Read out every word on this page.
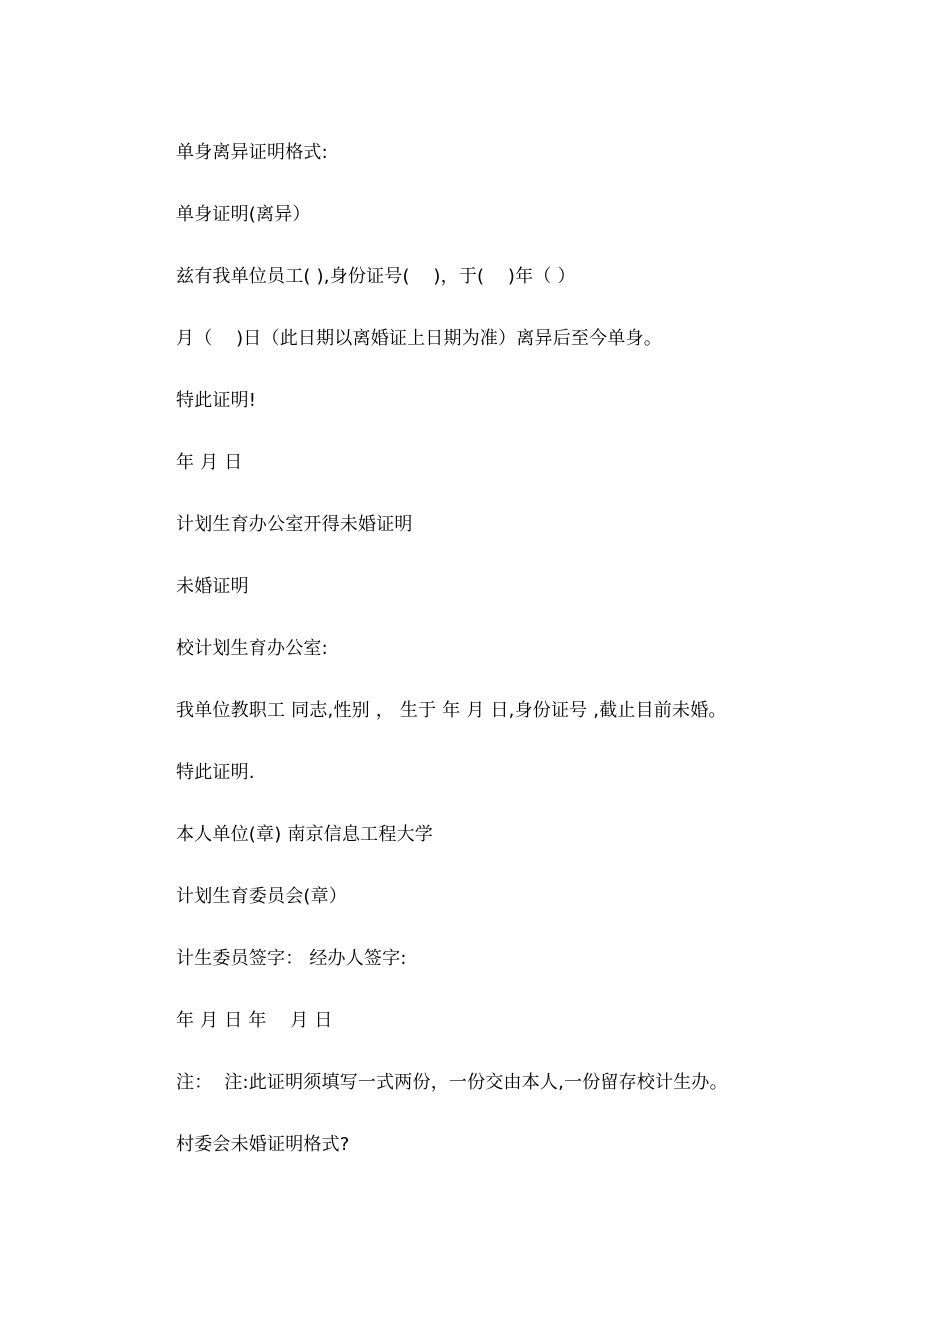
单身离异证明格式:
单身证明(离异）
兹有我单位员工( ),身份证号(    )，于(    )年（ ）
月（    )日（此日期以离婚证上日期为准）离异后至今单身。
特此证明!
年 月 日
计划生育办公室开得未婚证明
未婚证明
校计划生育办公室:
我单位教职工 同志,性别 ， 生于 年 月 日,身份证号 ,截止目前未婚。
特此证明.
本人单位(章) 南京信息工程大学
计划生育委员会(章）
计生委员签字： 经办人签字:
年 月 日 年    月 日
注：  注:此证明须填写一式两份，一份交由本人,一份留存校计生办。
村委会未婚证明格式?
